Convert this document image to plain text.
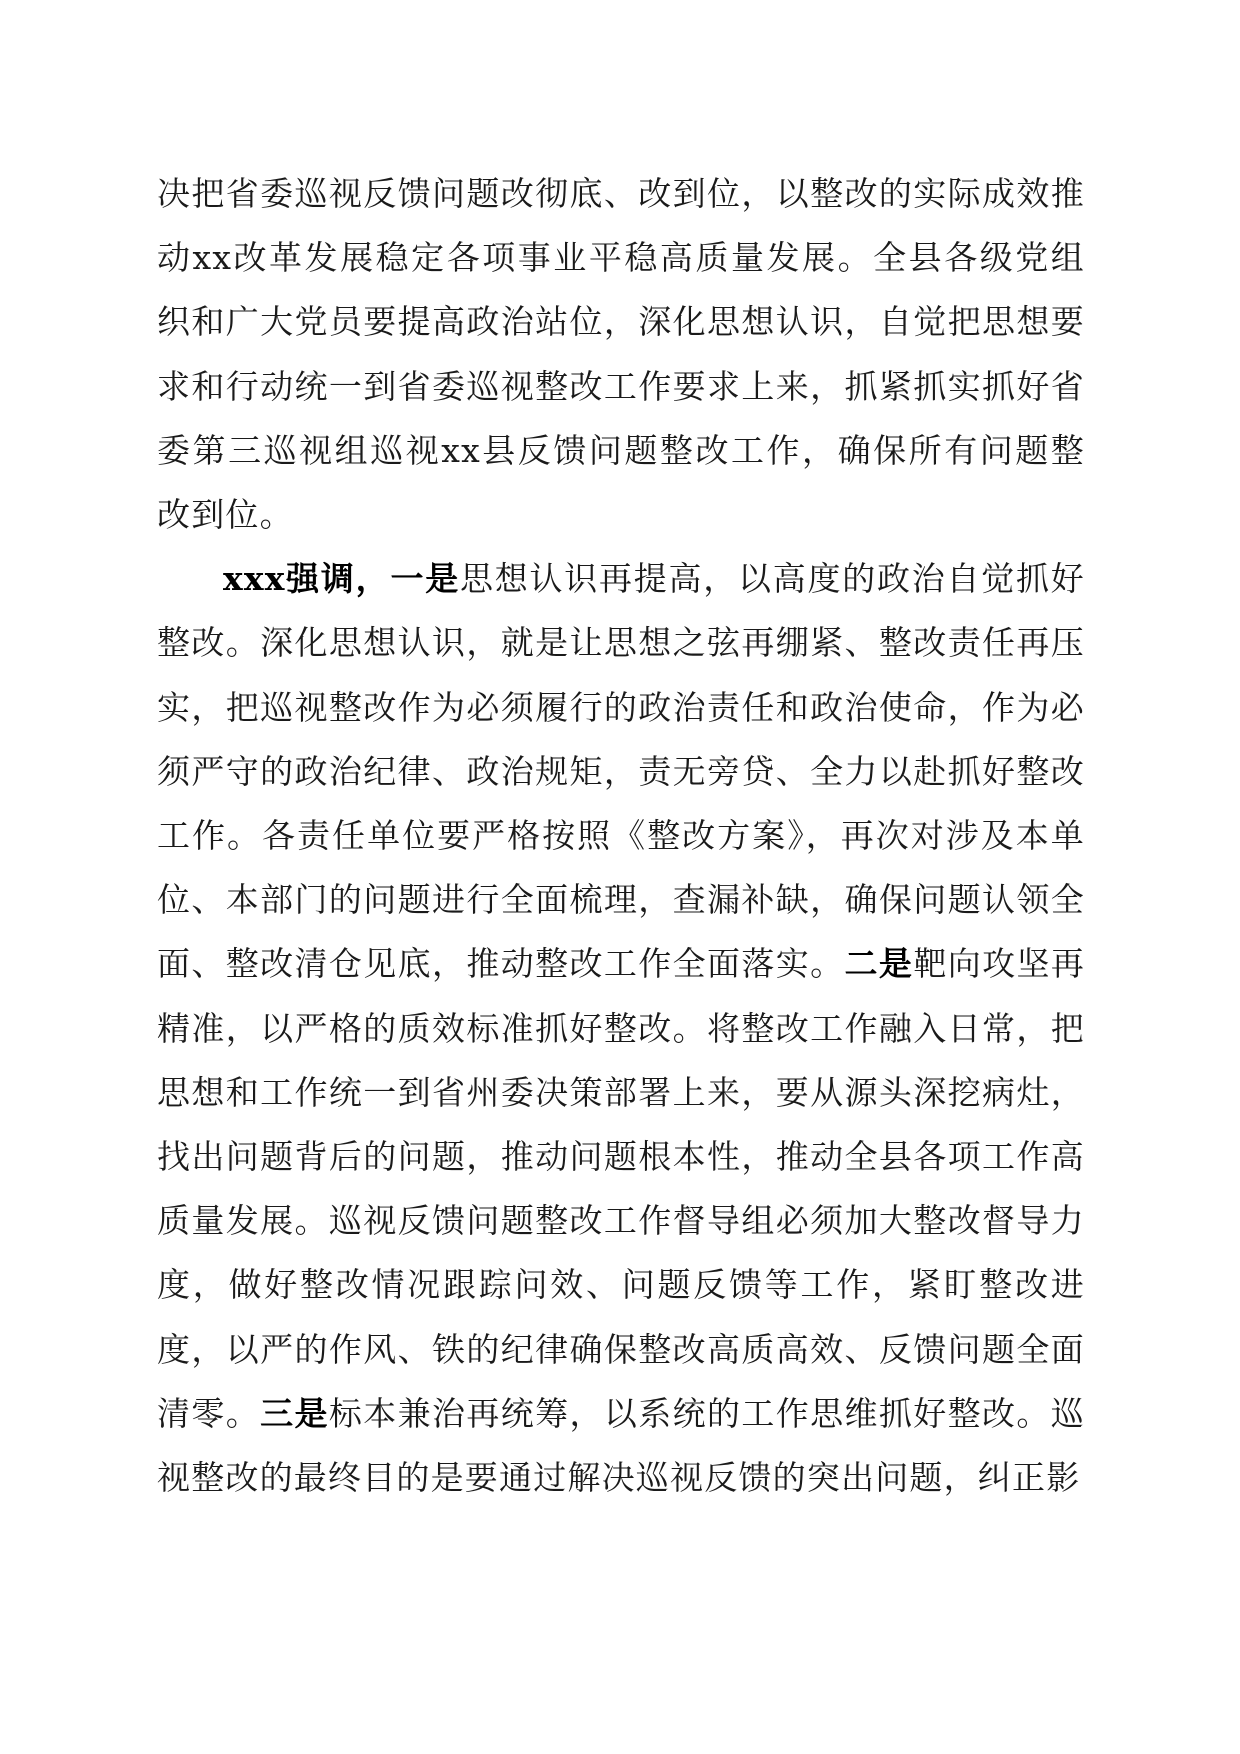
决把省委巡视反馈问题改彻底、改到位，以整改的实际成效推动xx改革发展稳定各项事业平稳高质量发展。全县各级党组织和广大党员要提高政治站位，深化思想认识，自觉把思想要求和行动统一到省委巡视整改工作要求上来，抓紧抓实抓好省委第三巡视组巡视xx县反馈问题整改工作，确保所有问题整改到位。

xxx强调，一是思想认识再提高，以高度的政治自觉抓好整改。深化思想认识，就是让思想之弦再绷紧、整改责任再压实，把巡视整改作为必须履行的政治责任和政治使命，作为必须严守的政治纪律、政治规矩，责无旁贷、全力以赴抓好整改工作。各责任单位要严格按照《整改方案》，再次对涉及本单位、本部门的问题进行全面梳理，查漏补缺，确保问题认领全面、整改清仓见底，推动整改工作全面落实。二是靶向攻坚再精准，以严格的质效标准抓好整改。将整改工作融入日常，把思想和工作统一到省州委决策部署上来，要从源头深挖病灶，找出问题背后的问题，推动问题根本性，推动全县各项工作高质量发展。巡视反馈问题整改工作督导组必须加大整改督导力度，做好整改情况跟踪问效、问题反馈等工作，紧盯整改进度，以严的作风、铁的纪律确保整改高质高效、反馈问题全面清零。三是标本兼治再统筹，以系统的工作思维抓好整改。巡视整改的最终目的是要通过解决巡视反馈的突出问题，纠正影
